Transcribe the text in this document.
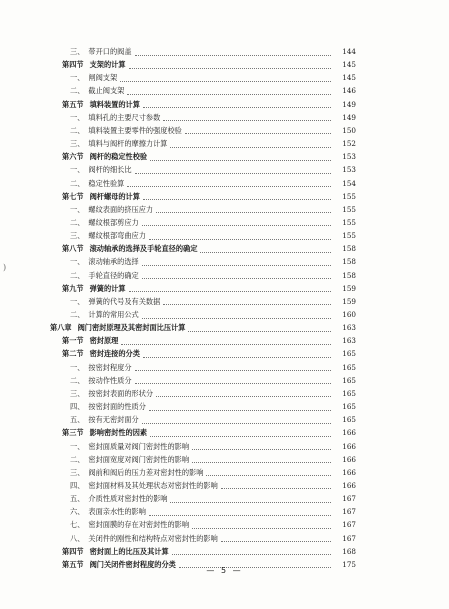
三、 带开口的阀盖	144
第四节 支架的计算	145
一、 闸阀支架	145
二、 截止阀支架	146
第五节 填料装置的计算	149
一、 填料孔的主要尺寸参数	149
二、 填料装置主要零件的强度校验	150
三、 填料与阀杆的摩擦力计算	152
第六节 阀杆的稳定性校验	153
一、 阀杆的细长比	153
二、 稳定性验算	154
第七节 阀杆螺母的计算	155
一、 螺纹表面的挤压应力	155
二、 螺纹根部剪应力	155
三、 螺纹根部弯曲应力	155
第八节 滚动轴承的选择及手轮直径的确定	158
一、 滚动轴承的选择	158
二、 手轮直径的确定	158
第九节 弹簧的计算	159
一、 弹簧的代号及有关数据	159
二、 计算的常用公式	160
第八章 阀门密封原理及其密封面比压计算	163
第一节 密封原理	163
第二节 密封连接的分类	165
一、 按密封程度分	165
二、 按动作性质分	165
三、 按密封表面的形状分	165
四、 按密封面的性质分	165
五、 按有无密封面分	165
第三节 影响密封性的因素	166
一、 密封面质量对阀门密封性的影响	166
二、 密封面宽度对阀门密封性的影响	166
三、 阀前和阀后的压力差对密封性的影响	166
四、 密封面材料及其处理状态对密封性的影响	166
五、 介质性质对密封性的影响	167
六、 表面亲水性的影响	167
七、 密封面膜的存在对密封性的影响	167
八、 关闭件的刚性和结构特点对密封性的影响	167
第四节 密封面上的比压及其计算	168
第五节 阀门关闭件密封程度的分类	175
)
— 5 —
